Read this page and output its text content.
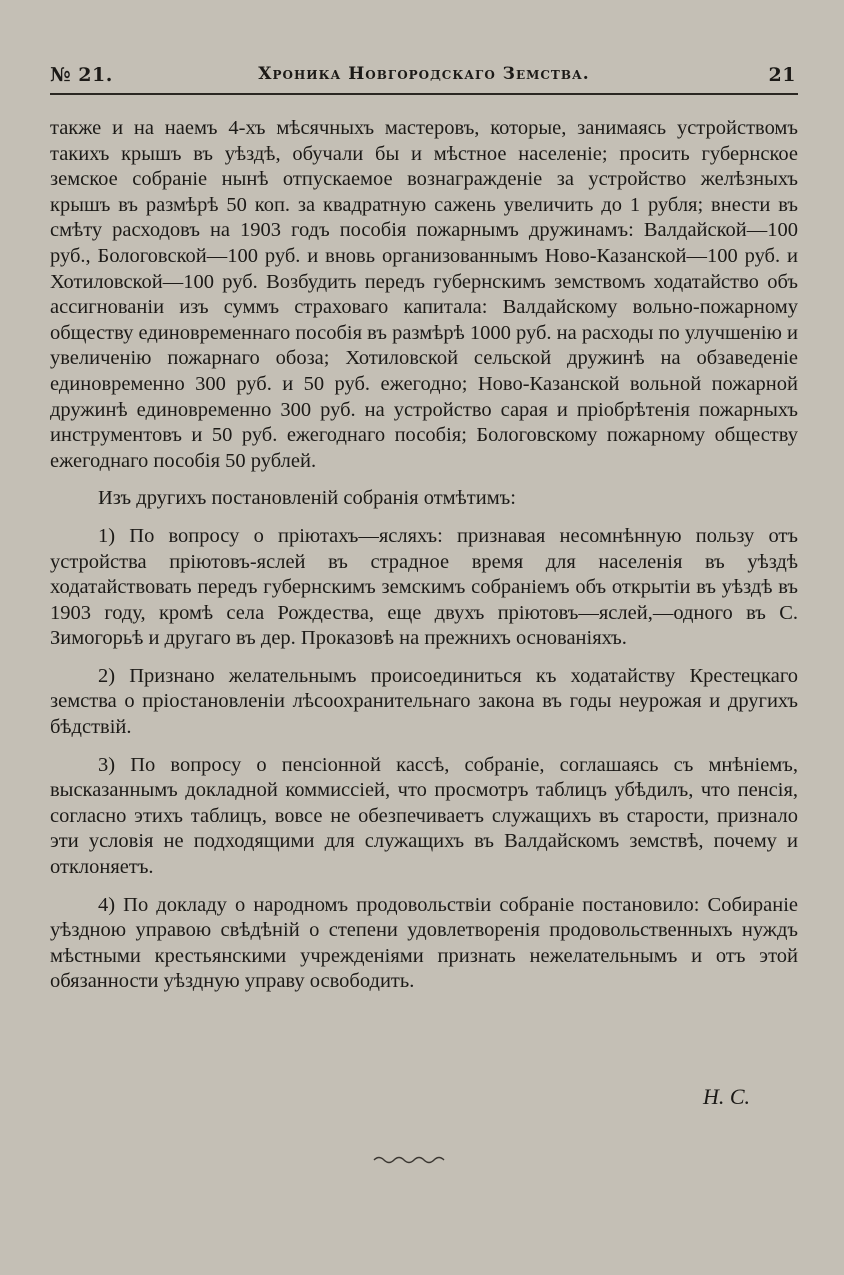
№ 21.	Хроника Новгородскаго Земства.	21

также и на наемъ 4-хъ мѣсячныхъ мастеровъ, которые, занимаясь устройствомъ такихъ крышъ въ уѣздѣ, обучали бы и мѣстное населеніе; просить губернское земское собраніе нынѣ отпускаемое вознагражденіе за устройство желѣзныхъ крышъ въ размѣрѣ 50 коп. за квадратную сажень увеличить до 1 рубля; внести въ смѣту расходовъ на 1903 годъ пособія пожарнымъ дружинамъ: Валдайской—100 руб., Бологовской—100 руб. и вновь организованнымъ Ново-Казанской—100 руб. и Хотиловской—100 руб. Возбудить передъ губернскимъ земствомъ ходатайство объ ассигнованіи изъ суммъ страховаго капитала: Валдайскому вольно-пожарному обществу единовременнаго пособія въ размѣрѣ 1000 руб. на расходы по улучшенію и увеличенію пожарнаго обоза; Хотиловской сельской дружинѣ на обзаведеніе единовременно 300 руб. и 50 руб. ежегодно; Ново-Казанской вольной пожарной дружинѣ единовременно 300 руб. на устройство сарая и пріобрѣтенія пожарныхъ инструментовъ и 50 руб. ежегоднаго пособія; Бологовскому пожарному обществу ежегоднаго пособія 50 рублей.

Изъ другихъ постановленій собранія отмѣтимъ:

1) По вопросу о пріютахъ—ясляхъ: признавая несомнѣнную пользу отъ устройства пріютовъ-яслей въ страдное время для населенія въ уѣздѣ ходатайствовать передъ губернскимъ земскимъ собраніемъ объ открытіи въ уѣздѣ въ 1903 году, кромѣ села Рождества, еще двухъ пріютовъ—яслей,—одного въ С. Зимогорьѣ и другаго въ дер. Проказовѣ на прежнихъ основаніяхъ.

2) Признано желательнымъ происоединиться къ ходатайству Крестецкаго земства о пріостановленіи лѣсоохранительнаго закона въ годы неурожая и другихъ бѣдствій.

3) По вопросу о пенсіонной кассѣ, собраніе, соглашаясь съ мнѣніемъ, высказаннымъ докладной коммиссіей, что просмотръ таблицъ убѣдилъ, что пенсія, согласно этихъ таблицъ, вовсе не обезпечиваетъ служащихъ въ старости, признало эти условія не подходящими для служащихъ въ Валдайскомъ земствѣ, почему и отклоняетъ.

4) По докладу о народномъ продовольствіи собраніе постановило: Собираніе уѣздною управою свѣдѣній о степени удовлетворенія продовольственныхъ нуждъ мѣстными крестьянскими учрежденіями признать нежелательнымъ и отъ этой обязанности уѣздную управу освободить.

Н. С.
